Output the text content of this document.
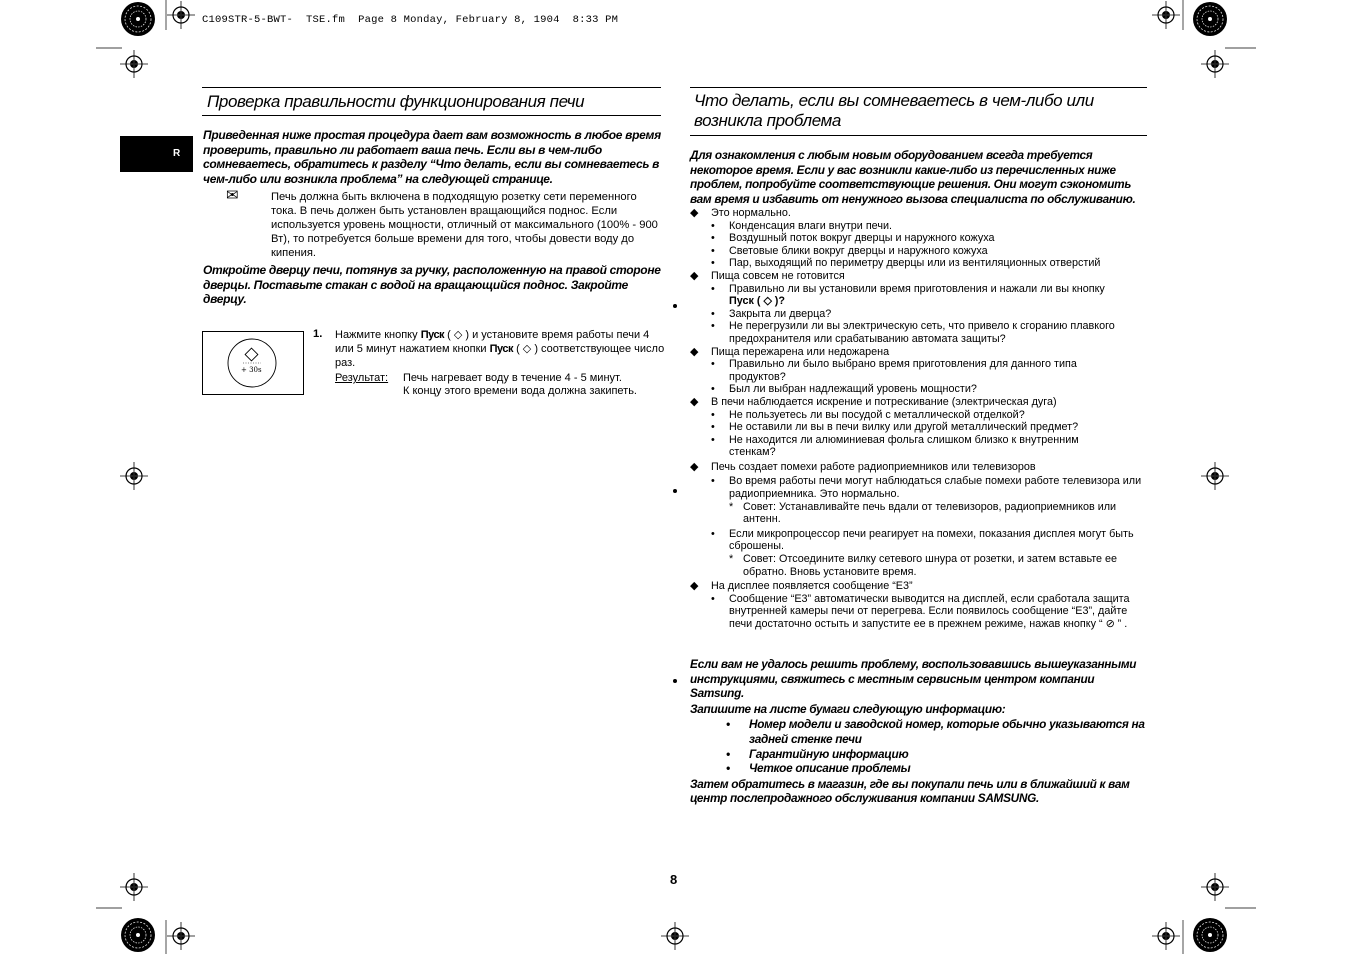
C109STR-5-BWT- TSE.fm Page 8 Monday, February 8, 1904 8:33 PM
R
Проверка правильности функционирования печи
Приведенная ниже простая процедура дает вам возможность в любое время проверить, правильно ли работает ваша печь. Если вы в чем-либо сомневаетесь, обратитесь к разделу “Что делать, если вы сомневаетесь в чем-либо или возникла проблема” на следующей странице.
✉	Печь должна быть включена в подходящую розетку сети переменного тока. В печь должен быть установлен вращающийся поднос. Если используется уровень мощности, отличный от максимального (100% - 900 Вт), то потребуется больше времени для того, чтобы довести воду до кипения.
Откройте дверцу печи, потянув за ручку, расположенную на правой стороне дверцы. Поставьте стакан с водой на вращающийся поднос. Закройте дверцу.
+ 30s
1. Нажмите кнопку Пуск ( ◇ ) и установите время работы печи 4 или 5 минут нажатием кнопки Пуск ( ◇ ) соответствующее число раз.
Результат: Печь нагревает воду в течение 4 - 5 минут.
К концу этого времени вода должна закипеть.
Что делать, если вы сомневаетесь в чем-либо или
возникла проблема
Для ознакомления с любым новым оборудованием всегда требуется некоторое время. Если у вас возникли какие-либо из перечисленных ниже проблем, попробуйте соответствующие решения. Они могут сэкономить вам время и избавить от ненужного вызова специалиста по обслуживанию.
◆ Это нормально.
• Конденсация влаги внутри печи.
• Воздушный поток вокруг дверцы и наружного кожуха
• Световые блики вокруг дверцы и наружного кожуха
• Пар, выходящий по периметру дверцы или из вентиляционных отверстий
◆ Пища совсем не готовится
• Правильно ли вы установили время приготовления и нажали ли вы кнопку
Пуск ( ◇ )?
• Закрыта ли дверца?
• Не перегрузили ли вы электрическую сеть, что привело к сгоранию плавкого предохранителя или срабатыванию автомата защиты?
◆ Пища пережарена или недожарена
• Правильно ли было выбрано время приготовления для данного типа продуктов?
• Был ли выбран надлежащий уровень мощности?
◆ В печи наблюдается искрение и потрескивание (электрическая дуга)
• Не пользуетесь ли вы посудой с металлической отделкой?
• Не оставили ли вы в печи вилку или другой металлический предмет?
• Не находится ли алюминиевая фольга слишком близко к внутренним стенкам?
◆ Печь создает помехи работе радиоприемников или телевизоров
• Во время работы печи могут наблюдаться слабые помехи работе телевизора или радиоприемника. Это нормально.
* Совет: Устанавливайте печь вдали от телевизоров, радиоприемников или антенн.
• Если микропроцессор печи реагирует на помехи, показания дисплея могут быть сброшены.
* Совет: Отсоедините вилку сетевого шнура от розетки, и затем вставьте ее обратно. Вновь установите время.
◆ На дисплее появляется сообщение “E3”
• Сообщение “E3” автоматически выводится на дисплей, если сработала защита внутренней камеры печи от перегрева. Если появилось сообщение “E3”, дайте печи достаточно остыть и запустите ее в прежнем режиме, нажав кнопку “ ⊘ ” .
Если вам не удалось решить проблему, воспользовавшись вышеуказанными инструкциями, свяжитесь с местным сервисным центром компании Samsung.
Запишите на листе бумаги следующую информацию:
• Номер модели и заводской номер, которые обычно указываются на задней стенке печи
• Гарантийную информацию
• Четкое описание проблемы
Затем обратитесь в магазин, где вы покупали печь или в ближайший к вам центр послепродажного обслуживания компании SAMSUNG.
8
